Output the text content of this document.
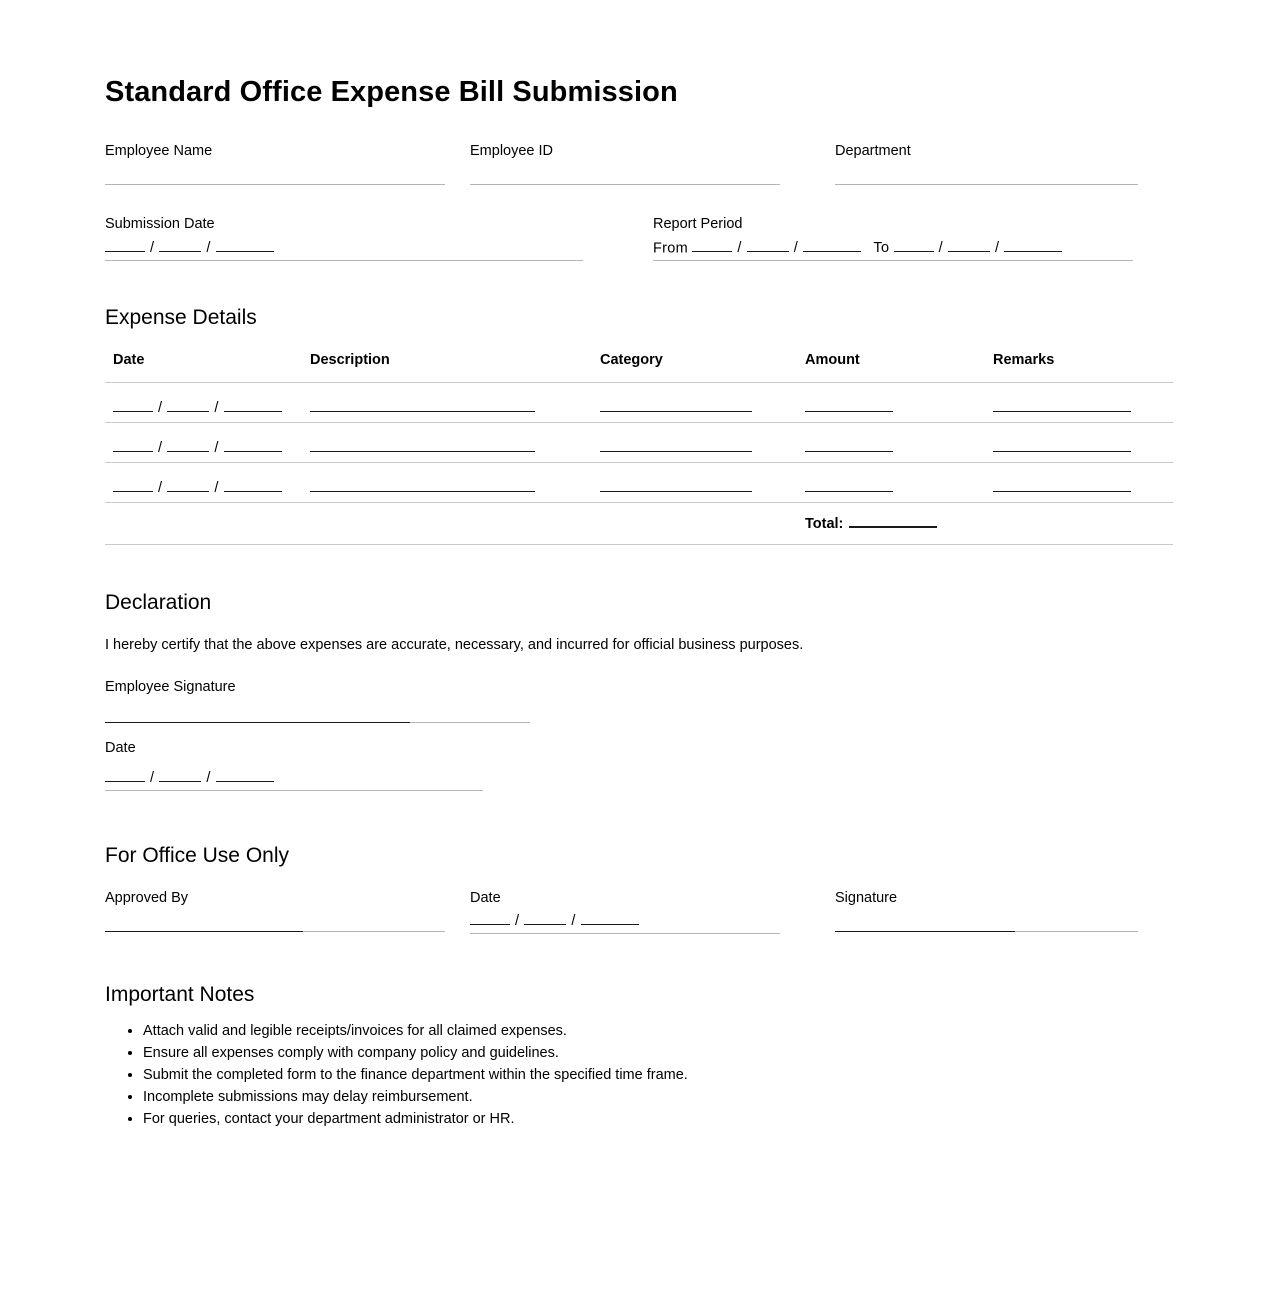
Standard Office Expense Bill Submission
Employee Name	Employee ID	Department
Submission Date
/	/
Report Period
From	/	/	To	/	/
Expense Details
Date	Description	Category	Amount	Remarks
/ /				
/ /				
/ /				
			Total:	
Declaration

I hereby certify that the above expenses are accurate, necessary, and incurred for official business purposes.

Employee Signature
Date
/	/
For Office Use Only
Approved By	Date
/	/
Signature
Important Notes
• Attach valid and legible receipts/invoices for all claimed expenses.
• Ensure all expenses comply with company policy and guidelines.
• Submit the completed form to the finance department within the specified time frame.
• Incomplete submissions may delay reimbursement.
• For queries, contact your department administrator or HR.
